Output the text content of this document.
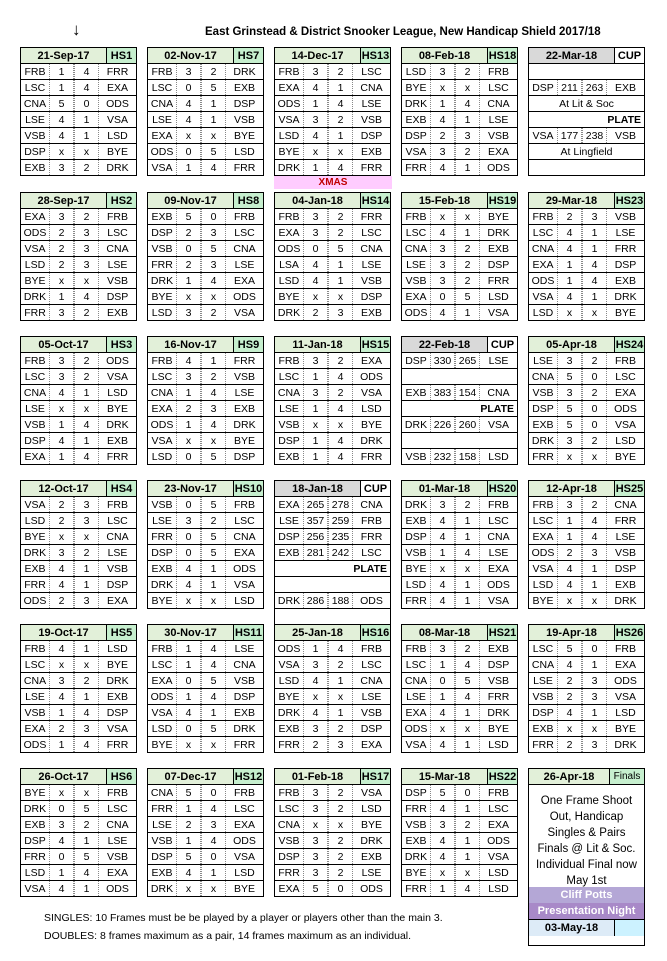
↓	East Grinstead & District Snooker League, New Handicap Shield 2017/18
21-Sep-17	HS1
FRB	1	4	FRR
LSC	1	4	EXA
CNA	5	0	ODS
LSE	4	1	VSA
VSB	4	1	LSD
DSP	x	x	BYE
EXB	3	2	DRK
02-Nov-17	HS7
FRB	3	2	DRK
LSC	0	5	EXB
CNA	4	1	DSP
LSE	4	1	VSB
EXA	x	x	BYE
ODS	0	5	LSD
VSA	1	4	FRR
14-Dec-17	HS13
FRB	3	2	LSC
EXA	4	1	CNA
ODS	1	4	LSE
VSA	3	2	VSB
LSD	4	1	DSP
BYE	x	x	EXB
DRK	1	4	FRR
08-Feb-18	HS18
LSD	3	2	FRB
BYE	x	x	LSC
DRK	1	4	CNA
EXB	4	1	LSE
DSP	2	3	VSB
VSA	3	2	EXA
FRR	4	1	ODS
28-Sep-17	HS2
EXA	3	2	FRB
ODS	2	3	LSC
VSA	2	3	CNA
LSD	2	3	LSE
BYE	x	x	VSB
DRK	1	4	DSP
FRR	3	2	EXB
09-Nov-17	HS8
EXB	5	0	FRB
DSP	2	3	LSC
VSB	0	5	CNA
FRR	2	3	LSE
DRK	1	4	EXA
BYE	x	x	ODS
LSD	3	2	VSA
04-Jan-18	HS14
FRB	3	2	FRR
EXA	3	2	LSC
ODS	0	5	CNA
LSA	4	1	LSE
LSD	4	1	VSB
BYE	x	x	DSP
DRK	2	3	EXB
15-Feb-18	HS19
FRB	x	x	BYE
LSC	4	1	DRK
CNA	3	2	EXB
LSE	3	2	DSP
VSB	3	2	FRR
EXA	0	5	LSD
ODS	4	1	VSA
29-Mar-18	HS23
FRB	2	3	VSB
LSC	4	1	LSE
CNA	4	1	FRR
EXA	1	4	DSP
ODS	1	4	EXB
VSA	4	1	DRK
LSD	x	x	BYE
05-Oct-17	HS3
FRB	3	2	ODS
LSC	3	2	VSA
CNA	4	1	LSD
LSE	x	x	BYE
VSB	1	4	DRK
DSP	4	1	EXB
EXA	1	4	FRR
16-Nov-17	HS9
FRB	4	1	FRR
LSC	3	2	VSB
CNA	1	4	LSE
EXA	2	3	EXB
ODS	1	4	DRK
VSA	x	x	BYE
LSD	0	5	DSP
11-Jan-18	HS15
FRB	3	2	EXA
LSC	1	4	ODS
CNA	3	2	VSA
LSE	1	4	LSD
VSB	x	x	BYE
DSP	1	4	DRK
EXB	1	4	FRR
05-Apr-18	HS24
LSE	3	2	FRB
CNA	5	0	LSC
VSB	3	2	EXA
DSP	5	0	ODS
EXB	5	0	VSA
DRK	3	2	LSD
FRR	x	x	BYE
12-Oct-17	HS4
VSA	2	3	FRB
LSD	2	3	LSC
BYE	x	x	CNA
DRK	3	2	LSE
EXB	4	1	VSB
FRR	4	1	DSP
ODS	2	3	EXA
23-Nov-17	HS10
VSB	0	5	FRB
LSE	3	2	LSC
FRR	0	5	CNA
DSP	0	5	EXA
EXB	4	1	ODS
DRK	4	1	VSA
BYE	x	x	LSD
01-Mar-18	HS20
DRK	3	2	FRB
EXB	4	1	LSC
DSP	4	1	CNA
VSB	1	4	LSE
BYE	x	x	EXA
LSD	4	1	ODS
FRR	4	1	VSA
12-Apr-18	HS25
FRB	3	2	CNA
LSC	1	4	FRR
EXA	1	4	LSE
ODS	2	3	VSB
VSA	4	1	DSP
LSD	4	1	EXB
BYE	x	x	DRK
19-Oct-17	HS5
FRB	4	1	LSD
LSC	x	x	BYE
CNA	3	2	DRK
LSE	4	1	EXB
VSB	1	4	DSP
EXA	2	3	VSA
ODS	1	4	FRR
30-Nov-17	HS11
FRB	1	4	LSE
LSC	1	4	CNA
EXA	0	5	VSB
ODS	1	4	DSP
VSA	4	1	EXB
LSD	0	5	DRK
BYE	x	x	FRR
25-Jan-18	HS16
ODS	1	4	FRB
VSA	3	2	LSC
LSD	4	1	CNA
BYE	x	x	LSE
DRK	4	1	VSB
EXB	3	2	DSP
FRR	2	3	EXA
08-Mar-18	HS21
FRB	3	2	EXB
LSC	1	4	DSP
CNA	0	5	VSB
LSE	1	4	FRR
EXA	4	1	DRK
ODS	x	x	BYE
VSA	4	1	LSD
19-Apr-18	HS26
LSC	5	0	FRB
CNA	4	1	EXA
LSE	2	3	ODS
VSB	2	3	VSA
DSP	4	1	LSD
EXB	x	x	BYE
FRR	2	3	DRK
26-Oct-17	HS6
BYE	x	x	FRB
DRK	0	5	LSC
EXB	3	2	CNA
DSP	4	1	LSE
FRR	0	5	VSB
LSD	1	4	EXA
VSA	4	1	ODS
07-Dec-17	HS12
CNA	5	0	FRB
FRR	1	4	LSC
LSE	2	3	EXA
VSB	1	4	ODS
DSP	5	0	VSA
EXB	4	1	LSD
DRK	x	x	BYE
01-Feb-18	HS17
FRB	3	2	VSA
LSC	3	2	LSD
CNA	x	x	BYE
VSB	3	2	DRK
DSP	3	2	EXB
FRR	3	2	LSE
EXA	5	0	ODS
15-Mar-18	HS22
DSP	5	0	FRB
FRR	4	1	LSC
VSB	3	2	EXA
EXB	4	1	ODS
DRK	4	1	VSA
BYE	x	x	LSD
FRR	1	4	LSD
XMAS
22-Mar-18	CUP
DSP 211 263	EXB
At Lit & Soc
PLATE
VSA 177 238	VSB
At Lingfield
22-Feb-18	CUP
DSP 330 265	LSE
EXB 383 154	CNA
PLATE
DRK 226 260	VSA
VSB 232 158	LSD
18-Jan-18	CUP
EXA 265 278	CNA
LSE 357 259	FRB
DSP 256 235	FRR
EXB 281 242	LSC
PLATE
DRK 286 188	ODS
26-Apr-18	Finals
One Frame Shoot Out, Handicap Singles & Pairs Finals @ Lit & Soc. Individual Final now May 1st
Cliff Potts
Presentation Night
03-May-18
SINGLES: 10 Frames must be be played by a player or players other than the main 3.
DOUBLES: 8 frames maximum as a pair, 14 frames maximum as an individual.
